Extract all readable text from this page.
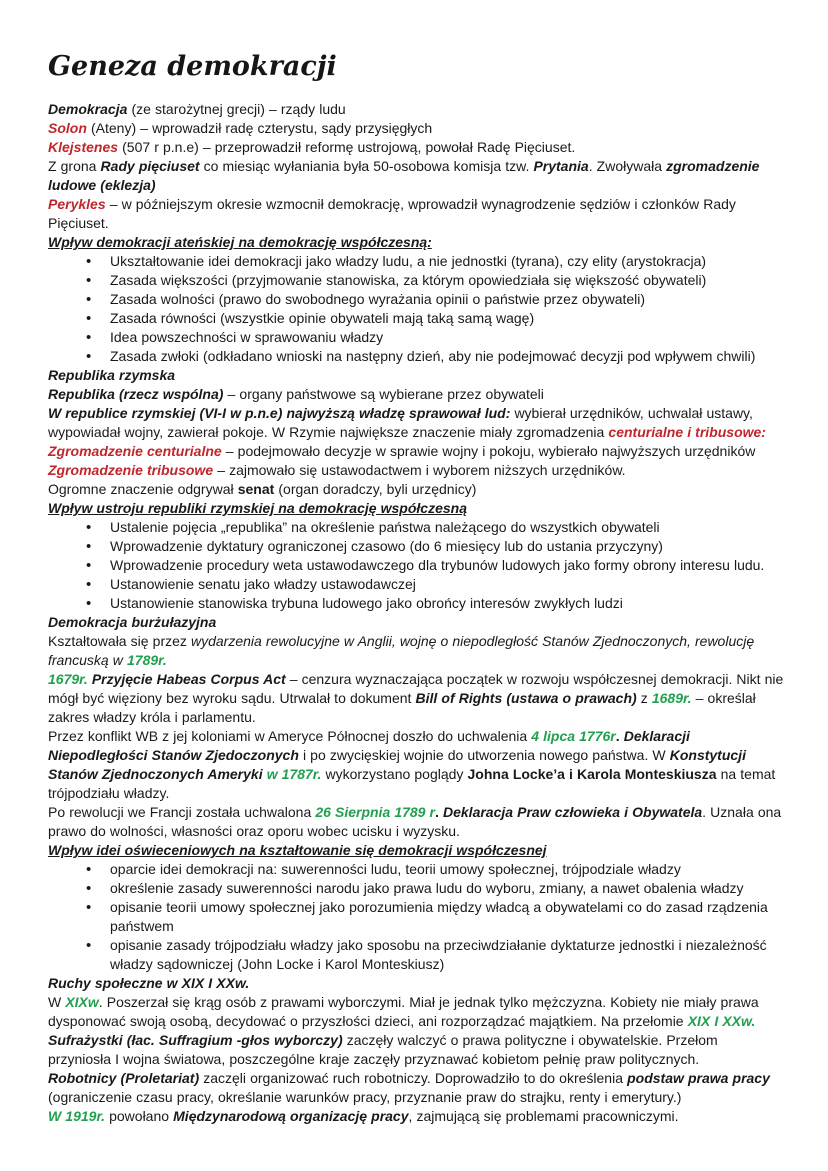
Geneza demokracji
Demokracja (ze starożytnej grecji) – rządy ludu
Solon (Ateny) – wprowadził radę czterystu, sądy przysięgłych
Klejstenes (507 r p.n.e) – przeprowadził reformę ustrojową, powołał Radę Pięciuset.
Z grona Rady pięciuset co miesiąc wyłaniania była 50-osobowa komisja tzw. Prytania. Zwoływała zgromadzenie ludowe (eklezja)
Perykles – w późniejszym okresie wzmocnił demokrację, wprowadził wynagrodzenie sędziów i członków Rady Pięciuset.
Wpływ demokracji ateńskiej na demokrację współczesną:
• Ukształtowanie idei demokracji jako władzy ludu, a nie jednostki (tyrana), czy elity (arystokracja)
• Zasada większości (przyjmowanie stanowiska, za którym opowiedziała się większość obywateli)
• Zasada wolności (prawo do swobodnego wyrażania opinii o państwie przez obywateli)
• Zasada równości (wszystkie opinie obywateli mają taką samą wagę)
• Idea powszechności w sprawowaniu władzy
• Zasada zwłoki (odkładano wnioski na następny dzień, aby nie podejmować decyzji pod wpływem chwili)
Republika rzymska
Republika (rzecz wspólna) – organy państwowe są wybierane przez obywateli
W republice rzymskiej (VI-I w p.n.e) najwyższą władzę sprawował lud: wybierał urzędników, uchwalał ustawy, wypowiadał wojny, zawierał pokoje. W Rzymie największe znaczenie miały zgromadzenia centurialne i tribusowe:
Zgromadzenie centurialne – podejmowało decyzje w sprawie wojny i pokoju, wybierało najwyższych urzędników
Zgromadzenie tribusowe – zajmowało się ustawodactwem i wyborem niższych urzędników.
Ogromne znaczenie odgrywał senat (organ doradczy, byli urzędnicy)
Wpływ ustroju republiki rzymskiej na demokrację współczesną
• Ustalenie pojęcia „republika” na określenie państwa należącego do wszystkich obywateli
• Wprowadzenie dyktatury ograniczonej czasowo (do 6 miesięcy lub do ustania przyczyny)
• Wprowadzenie procedury weta ustawodawczego dla trybunów ludowych jako formy obrony interesu ludu.
• Ustanowienie senatu jako władzy ustawodawczej
• Ustanowienie stanowiska trybuna ludowego jako obrońcy interesów zwykłych ludzi
Demokracja burżułazyjna
Kształtowała się przez wydarzenia rewolucyjne w Anglii, wojnę o niepodległość Stanów Zjednoczonych, rewolucję francuską w 1789r.
1679r. Przyjęcie Habeas Corpus Act – cenzura wyznaczająca początek w rozwoju współczesnej demokracji. Nikt nie mógł być więziony bez wyroku sądu. Utrwalał to dokument Bill of Rights (ustawa o prawach) z 1689r. – określał zakres władzy króla i parlamentu.
Przez konflikt WB z jej koloniami w Ameryce Północnej doszło do uchwalenia 4 lipca 1776r. Deklaracji Niepodległości Stanów Zjedoczonych i po zwycięskiej wojnie do utworzenia nowego państwa. W Konstytucji Stanów Zjednoczonych Ameryki w 1787r. wykorzystano poglądy Johna Locke’a i Karola Monteskiusza na temat trójpodziału władzy.
Po rewolucji we Francji została uchwalona 26 Sierpnia 1789 r. Deklaracja Praw człowieka i Obywatela. Uznała ona prawo do wolności, własności oraz oporu wobec ucisku i wyzysku.
Wpływ idei oświeceniowych na kształtowanie się demokracji współczesnej
• oparcie idei demokracji na: suwerenności ludu, teorii umowy społecznej, trójpodziale władzy
• określenie zasady suwerenności narodu jako prawa ludu do wyboru, zmiany, a nawet obalenia władzy
• opisanie teorii umowy społecznej jako porozumienia między władcą a obywatelami co do zasad rządzenia państwem
• opisanie zasady trójpodziału władzy jako sposobu na przeciwdziałanie dyktaturze jednostki i niezależność władzy sądowniczej (John Locke i Karol Monteskiusz)
Ruchy społeczne w XIX I XXw.
W XIXw. Poszerzał się krąg osób z prawami wyborczymi. Miał je jednak tylko mężczyzna. Kobiety nie miały prawa dysponować swoją osobą, decydować o przyszłości dzieci, ani rozporządzać majątkiem. Na przełomie XIX I XXw.
Sufrażystki (łac. Suffragium -głos wyborczy) zaczęły walczyć o prawa polityczne i obywatelskie. Przełom przyniosła I wojna światowa, poszczególne kraje zaczęły przyznawać kobietom pełnię praw politycznych.
Robotnicy (Proletariat) zaczęli organizować ruch robotniczy. Doprowadziło to do określenia podstaw prawa pracy (ograniczenie czasu pracy, określanie warunków pracy, przyznanie praw do strajku, renty i emerytury.)
W 1919r. powołano Międzynarodową organizację pracy, zajmującą się problemami pracowniczymi.
